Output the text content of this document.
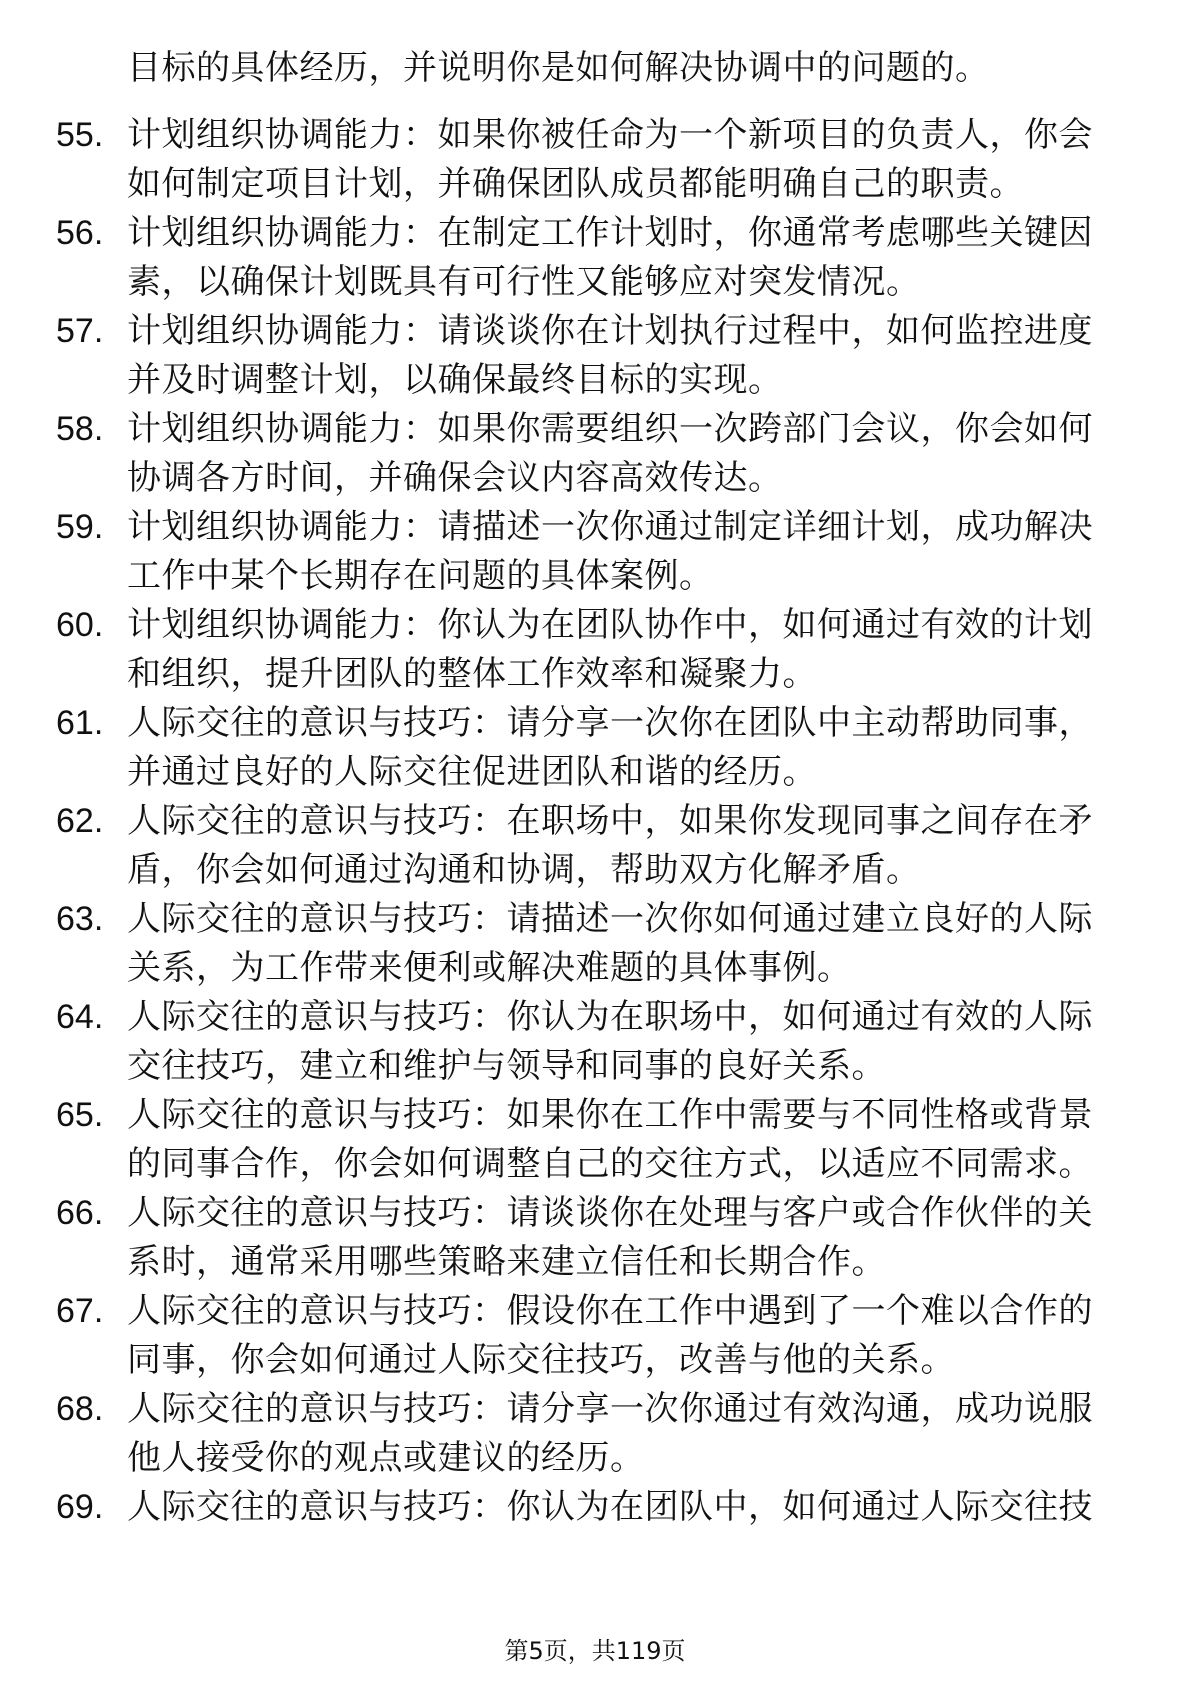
目标的具体经历，并说明你是如何解决协调中的问题的。
55. 计划组织协调能力：如果你被任命为一个新项目的负责人，你会
如何制定项目计划，并确保团队成员都能明确自己的职责。
56. 计划组织协调能力：在制定工作计划时，你通常考虑哪些关键因
素，以确保计划既具有可行性又能够应对突发情况。
57. 计划组织协调能力：请谈谈你在计划执行过程中，如何监控进度
并及时调整计划，以确保最终目标的实现。
58. 计划组织协调能力：如果你需要组织一次跨部门会议，你会如何
协调各方时间，并确保会议内容高效传达。
59. 计划组织协调能力：请描述一次你通过制定详细计划，成功解决
工作中某个长期存在问题的具体案例。
60. 计划组织协调能力：你认为在团队协作中，如何通过有效的计划
和组织，提升团队的整体工作效率和凝聚力。
61. 人际交往的意识与技巧：请分享一次你在团队中主动帮助同事，
并通过良好的人际交往促进团队和谐的经历。
62. 人际交往的意识与技巧：在职场中，如果你发现同事之间存在矛
盾，你会如何通过沟通和协调，帮助双方化解矛盾。
63. 人际交往的意识与技巧：请描述一次你如何通过建立良好的人际
关系，为工作带来便利或解决难题的具体事例。
64. 人际交往的意识与技巧：你认为在职场中，如何通过有效的人际
交往技巧，建立和维护与领导和同事的良好关系。
65. 人际交往的意识与技巧：如果你在工作中需要与不同性格或背景
的同事合作，你会如何调整自己的交往方式，以适应不同需求。
66. 人际交往的意识与技巧：请谈谈你在处理与客户或合作伙伴的关
系时，通常采用哪些策略来建立信任和长期合作。
67. 人际交往的意识与技巧：假设你在工作中遇到了一个难以合作的
同事，你会如何通过人际交往技巧，改善与他的关系。
68. 人际交往的意识与技巧：请分享一次你通过有效沟通，成功说服
他人接受你的观点或建议的经历。
69. 人际交往的意识与技巧：你认为在团队中，如何通过人际交往技
第5页，共119页
